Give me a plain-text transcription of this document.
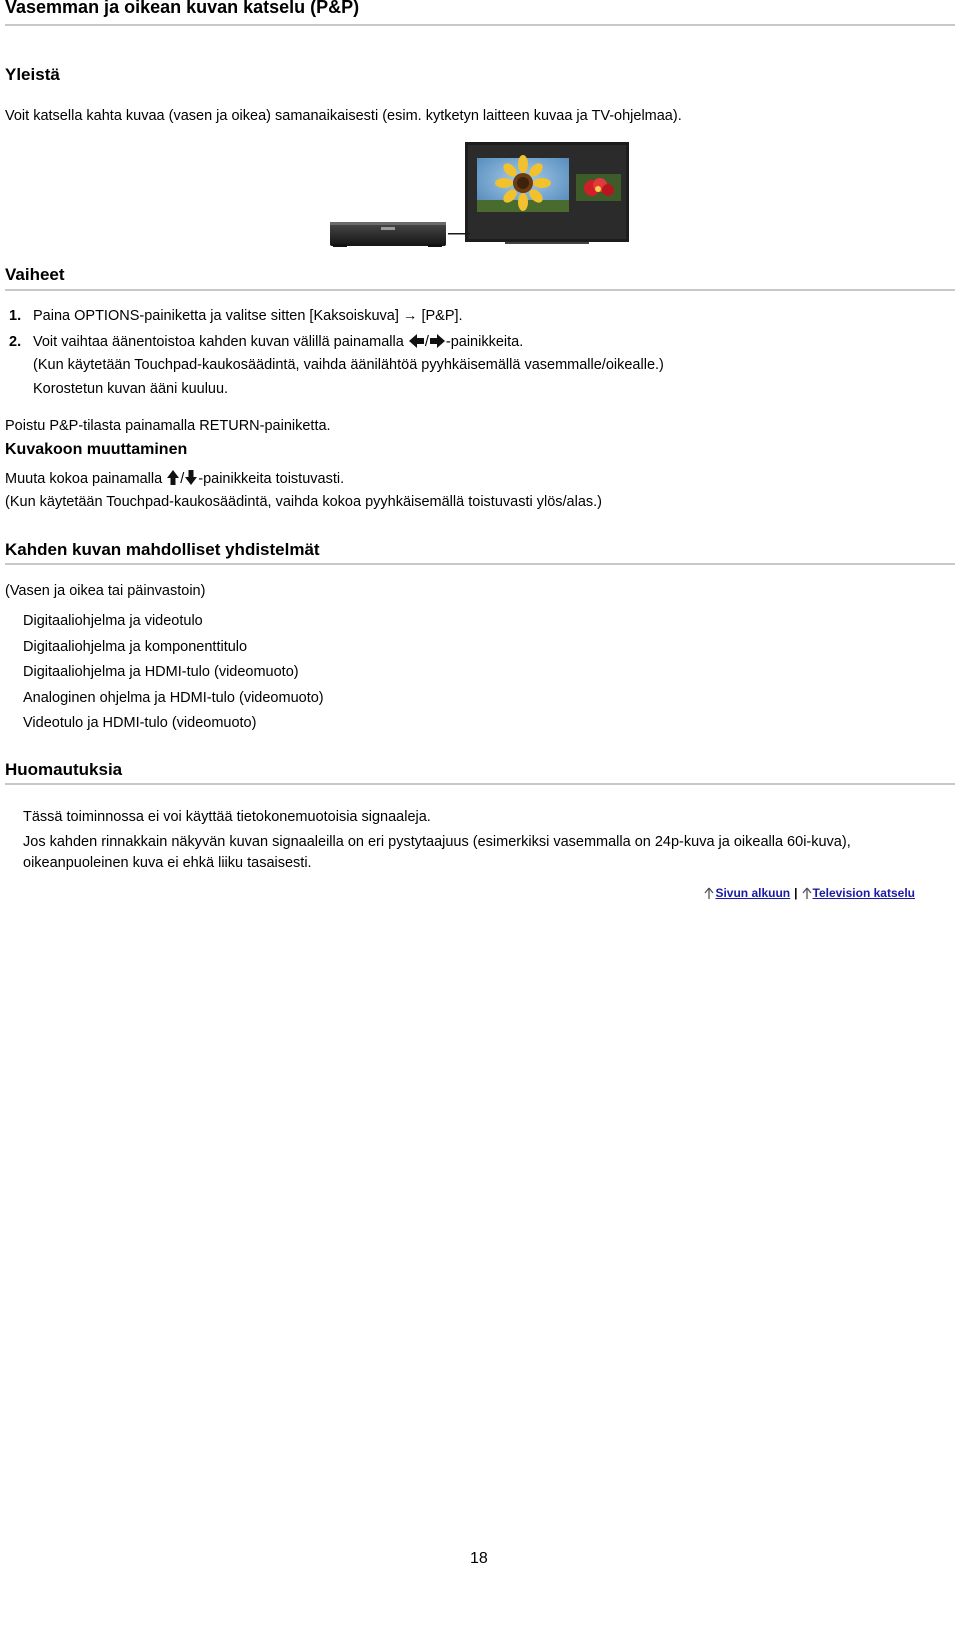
Vasemman ja oikean kuvan katselu (P&P)
Yleistä
Voit katsella kahta kuvaa (vasen ja oikea) samanaikaisesti (esim. kytketyn laitteen kuvaa ja TV-ohjelmaa).
Vaiheet
1. Paina OPTIONS-painiketta ja valitse sitten [Kaksoiskuva] → [P&P].
2. Voit vaihtaa äänentoistoa kahden kuvan välillä painamalla / -painikkeita.
(Kun käytetään Touchpad-kaukosäädintä, vaihda äänilähtöä pyyhkäisemällä vasemmalle/oikealle.)
Korostetun kuvan ääni kuuluu.
Poistu P&P-tilasta painamalla RETURN-painiketta.
Kuvakoon muuttaminen
Muuta kokoa painamalla / -painikkeita toistuvasti.
(Kun käytetään Touchpad-kaukosäädintä, vaihda kokoa pyyhkäisemällä toistuvasti ylös/alas.)
Kahden kuvan mahdolliset yhdistelmät
(Vasen ja oikea tai päinvastoin)
Digitaaliohjelma ja videotulo
Digitaaliohjelma ja komponenttitulo
Digitaaliohjelma ja HDMI-tulo (videomuoto)
Analoginen ohjelma ja HDMI-tulo (videomuoto)
Videotulo ja HDMI-tulo (videomuoto)
Huomautuksia
Tässä toiminnossa ei voi käyttää tietokonemuotoisia signaaleja.
Jos kahden rinnakkain näkyvän kuvan signaaleilla on eri pystytaajuus (esimerkiksi vasemmalla on 24p-kuva ja oikealla 60i-kuva),
oikeanpuoleinen kuva ei ehkä liiku tasaisesti.
Sivun alkuun | Television katselu
18
